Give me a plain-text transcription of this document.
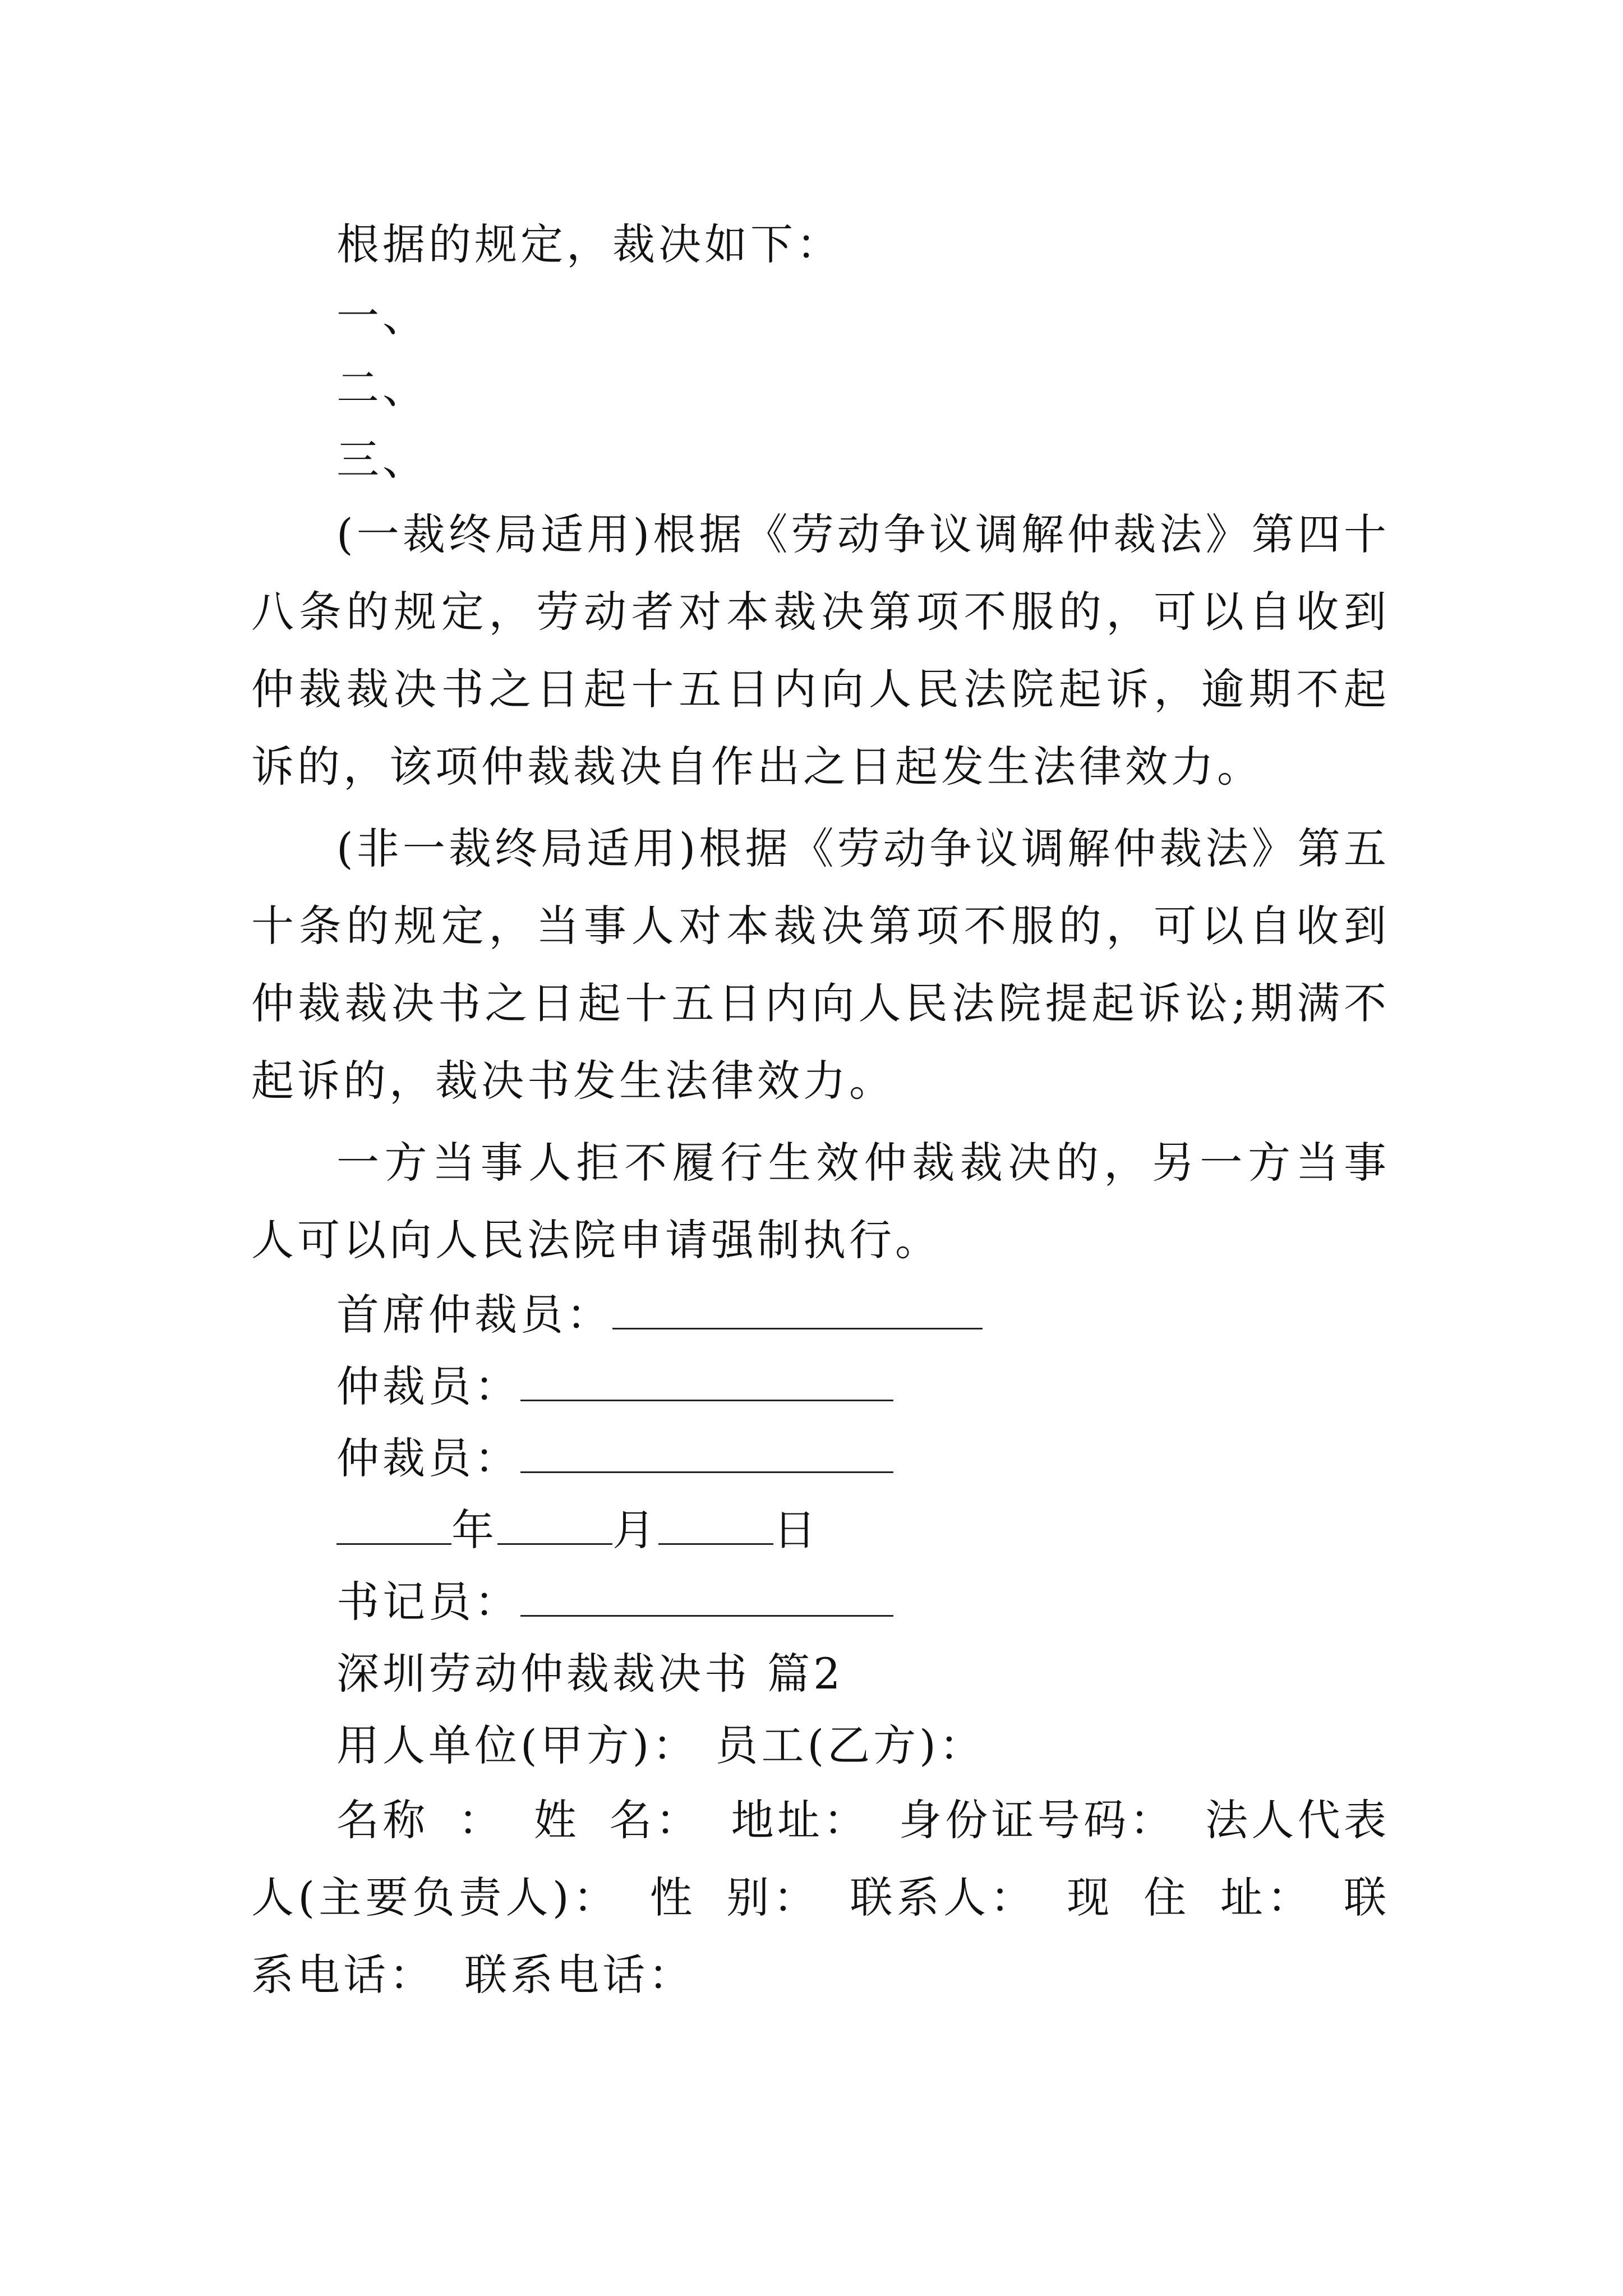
根据的规定，裁决如下：
一、
二、
三、
(一裁终局适用)根据《劳动争议调解仲裁法》第四十八条的规定，劳动者对本裁决第项不服的，可以自收到仲裁裁决书之日起十五日内向人民法院起诉，逾期不起诉的，该项仲裁裁决自作出之日起发生法律效力。
(非一裁终局适用)根据《劳动争议调解仲裁法》第五十条的规定，当事人对本裁决第项不服的，可以自收到仲裁裁决书之日起十五日内向人民法院提起诉讼;期满不起诉的，裁决书发生法律效力。
一方当事人拒不履行生效仲裁裁决的，另一方当事人可以向人民法院申请强制执行。
首席仲裁员：
仲裁员：
仲裁员：
年	月	日
书记员：
深圳劳动仲裁裁决书 篇2
用人单位(甲方)： 员工(乙方)：
名称 ： 姓 名： 地址： 身份证号码： 法人代表人(主要负责人)： 性 别： 联系人： 现 住 址： 联系电话： 联系电话：
